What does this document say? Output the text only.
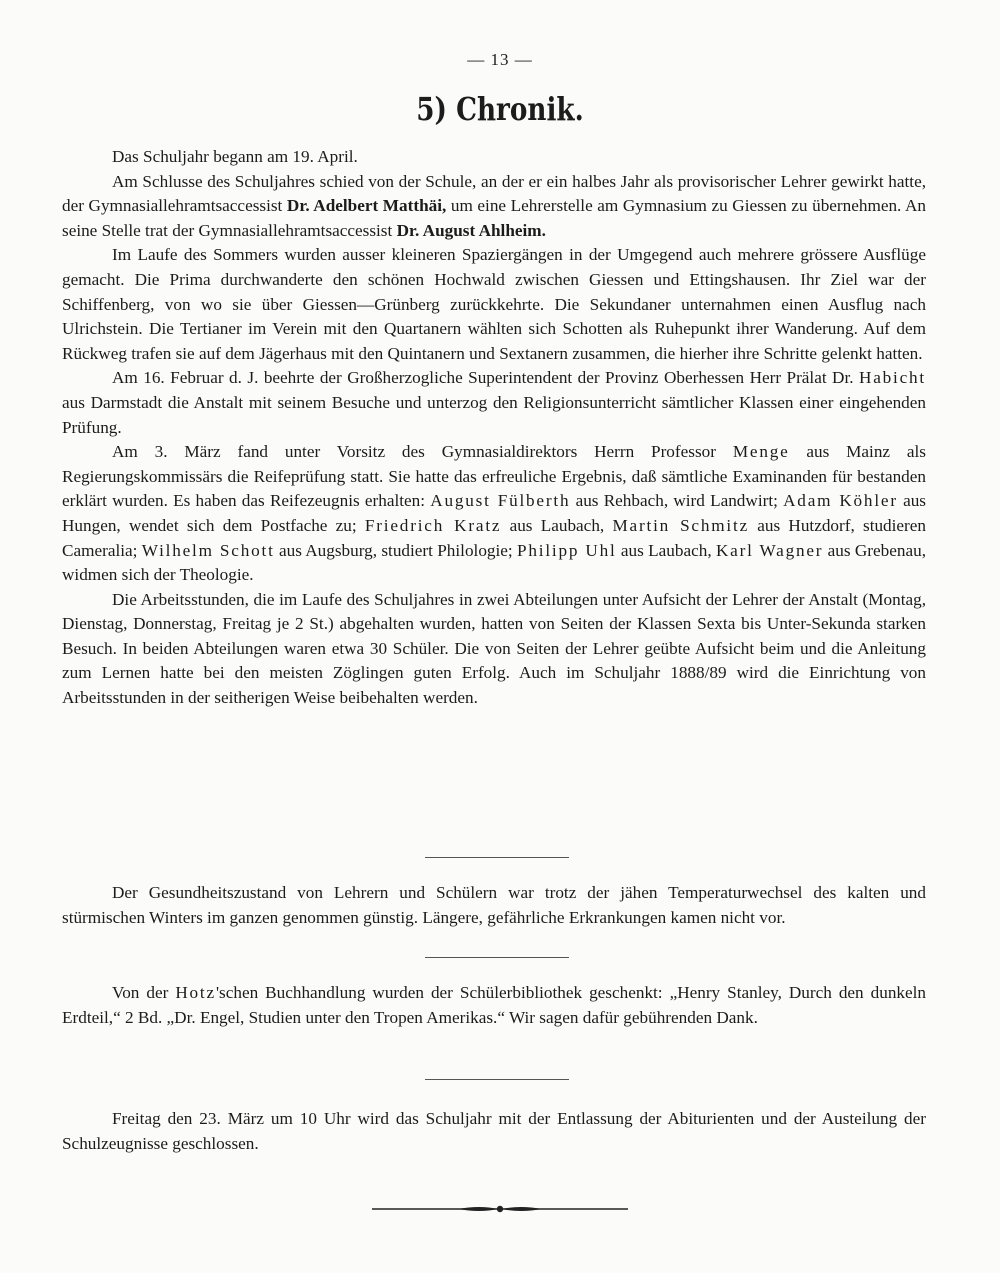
— 13 —
5) Chronik.

Das Schuljahr begann am 19. April.

Am Schlusse des Schuljahres schied von der Schule, an der er ein halbes Jahr als provisorischer Lehrer gewirkt hatte, der Gymnasiallehramtsaccessist Dr. Adelbert Matthäi, um eine Lehrerstelle am Gymnasium zu Giessen zu übernehmen. An seine Stelle trat der Gymnasiallehramtsaccessist Dr. August Ahlheim.

Im Laufe des Sommers wurden ausser kleineren Spaziergängen in der Umgegend auch mehrere grössere Ausflüge gemacht. Die Prima durchwanderte den schönen Hochwald zwischen Giessen und Ettingshausen. Ihr Ziel war der Schiffenberg, von wo sie über Giessen—Grünberg zurückkehrte. Die Sekundaner unternahmen einen Ausflug nach Ulrichstein. Die Tertianer im Verein mit den Quartanern wählten sich Schotten als Ruhepunkt ihrer Wanderung. Auf dem Rückweg trafen sie auf dem Jägerhaus mit den Quintanern und Sextanern zusammen, die hierher ihre Schritte gelenkt hatten.

Am 16. Februar d. J. beehrte der Großherzogliche Superintendent der Provinz Oberhessen Herr Prälat Dr. Habicht aus Darmstadt die Anstalt mit seinem Besuche und unterzog den Religionsunterricht sämtlicher Klassen einer eingehenden Prüfung.

Am 3. März fand unter Vorsitz des Gymnasialdirektors Herrn Professor Menge aus Mainz als Regierungskommissärs die Reifeprüfung statt. Sie hatte das erfreuliche Ergebnis, daß sämtliche Examinanden für bestanden erklärt wurden. Es haben das Reifezeugnis erhalten: August Fülberth aus Rehbach, wird Landwirt; Adam Köhler aus Hungen, wendet sich dem Postfache zu; Friedrich Kratz aus Laubach, Martin Schmitz aus Hutzdorf, studieren Cameralia; Wilhelm Schott aus Augsburg, studiert Philologie; Philipp Uhl aus Laubach, Karl Wagner aus Grebenau, widmen sich der Theologie.

Die Arbeitsstunden, die im Laufe des Schuljahres in zwei Abteilungen unter Aufsicht der Lehrer der Anstalt (Montag, Dienstag, Donnerstag, Freitag je 2 St.) abgehalten wurden, hatten von Seiten der Klassen Sexta bis Unter-Sekunda starken Besuch. In beiden Abteilungen waren etwa 30 Schüler. Die von Seiten der Lehrer geübte Aufsicht beim und die Anleitung zum Lernen hatte bei den meisten Zöglingen guten Erfolg. Auch im Schuljahr 1888/89 wird die Einrichtung von Arbeitsstunden in der seitherigen Weise beibehalten werden.

Der Gesundheitszustand von Lehrern und Schülern war trotz der jähen Temperaturwechsel des kalten und stürmischen Winters im ganzen genommen günstig. Längere, gefährliche Erkrankungen kamen nicht vor.

Von der Hotz'schen Buchhandlung wurden der Schülerbibliothek geschenkt: „Henry Stanley, Durch den dunkeln Erdteil,“ 2 Bd. „Dr. Engel, Studien unter den Tropen Amerikas.“ Wir sagen dafür gebührenden Dank.

Freitag den 23. März um 10 Uhr wird das Schuljahr mit der Entlassung der Abiturienten und der Austeilung der Schulzeugnisse geschlossen.
